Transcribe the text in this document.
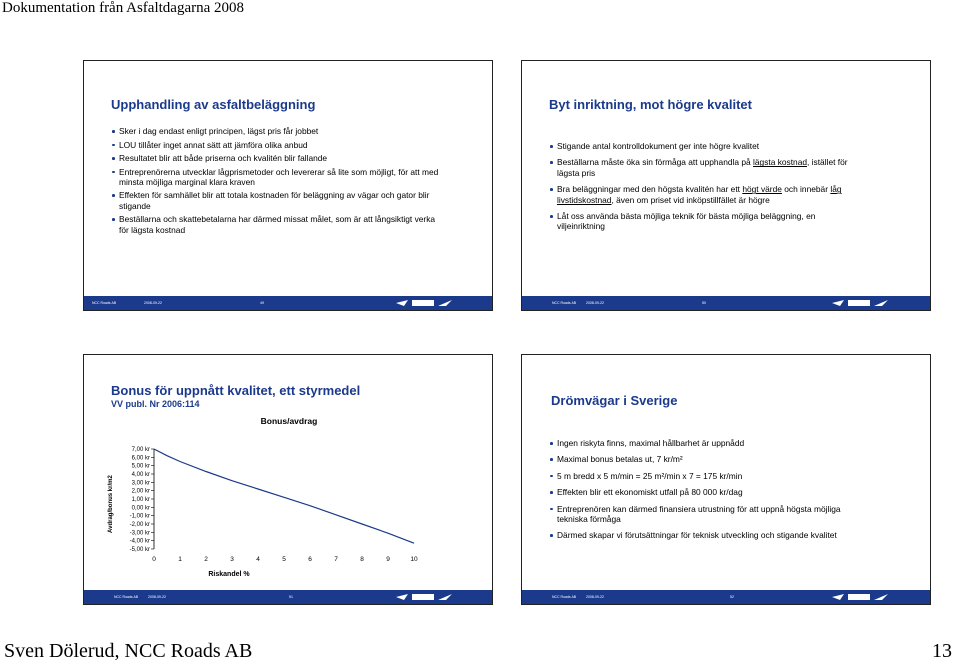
Dokumentation från Asfaltdagarna 2008
Upphandling av asfaltbeläggning
Sker i dag endast enligt principen, lägst pris får jobbet
LOU tillåter inget annat sätt att jämföra olika anbud
Resultatet blir att både priserna och kvalitén blir fallande
Entreprenörerna utvecklar lågprismetoder och levererar så lite som möjligt, för att med minsta möjliga marginal klara kraven
Effekten för samhället blir att totala kostnaden för beläggning av vägar och gator blir stigande
Beställarna och skattebetalarna har därmed missat målet, som är att långsiktigt verka för lägsta kostnad
NCC Roads AB	2008-09-22	49
Byt inriktning, mot högre kvalitet
Stigande antal kontrolldokument ger inte högre kvalitet
Beställarna måste öka sin förmåga att upphandla på lägsta kostnad, istället för lägsta pris
Bra beläggningar med den högsta kvalitén har ett högt värde och innebär låg livstidskostnad, även om priset vid inköpstillfället är högre
Låt oss använda bästa möjliga teknik för bästa möjliga beläggning, en viljeinriktning
NCC Roads AB	2008-09-22	50
Bonus för uppnått kvalitet, ett styrmedel
VV publ. Nr 2006:114
Bonus/avdrag
Avdrag/bonus kr/m2
7,00 kr
6,00 kr
5,00 kr
4,00 kr
3,00 kr
2,00 kr
1,00 kr
0,00 kr
-1,00 kr
-2,00 kr
-3,00 kr
-4,00 kr
-5,00 kr
0	1	2	3	4	5	6	7	8	9	10
Riskandel %
NCC Roads AB	2008-09-22	51
Drömvägar i Sverige
Ingen riskyta finns, maximal hållbarhet är uppnådd
Maximal bonus betalas ut, 7 kr/m²
5 m bredd x 5 m/min = 25 m²/min x 7 = 175 kr/min
Effekten blir ett ekonomiskt utfall på 80 000 kr/dag
Entreprenören kan därmed finansiera utrustning för att uppnå högsta möjliga tekniska förmåga
Därmed skapar vi förutsättningar för teknisk utveckling och stigande kvalitet
NCC Roads AB	2008-09-22	52
Sven Dölerud, NCC Roads AB	13
